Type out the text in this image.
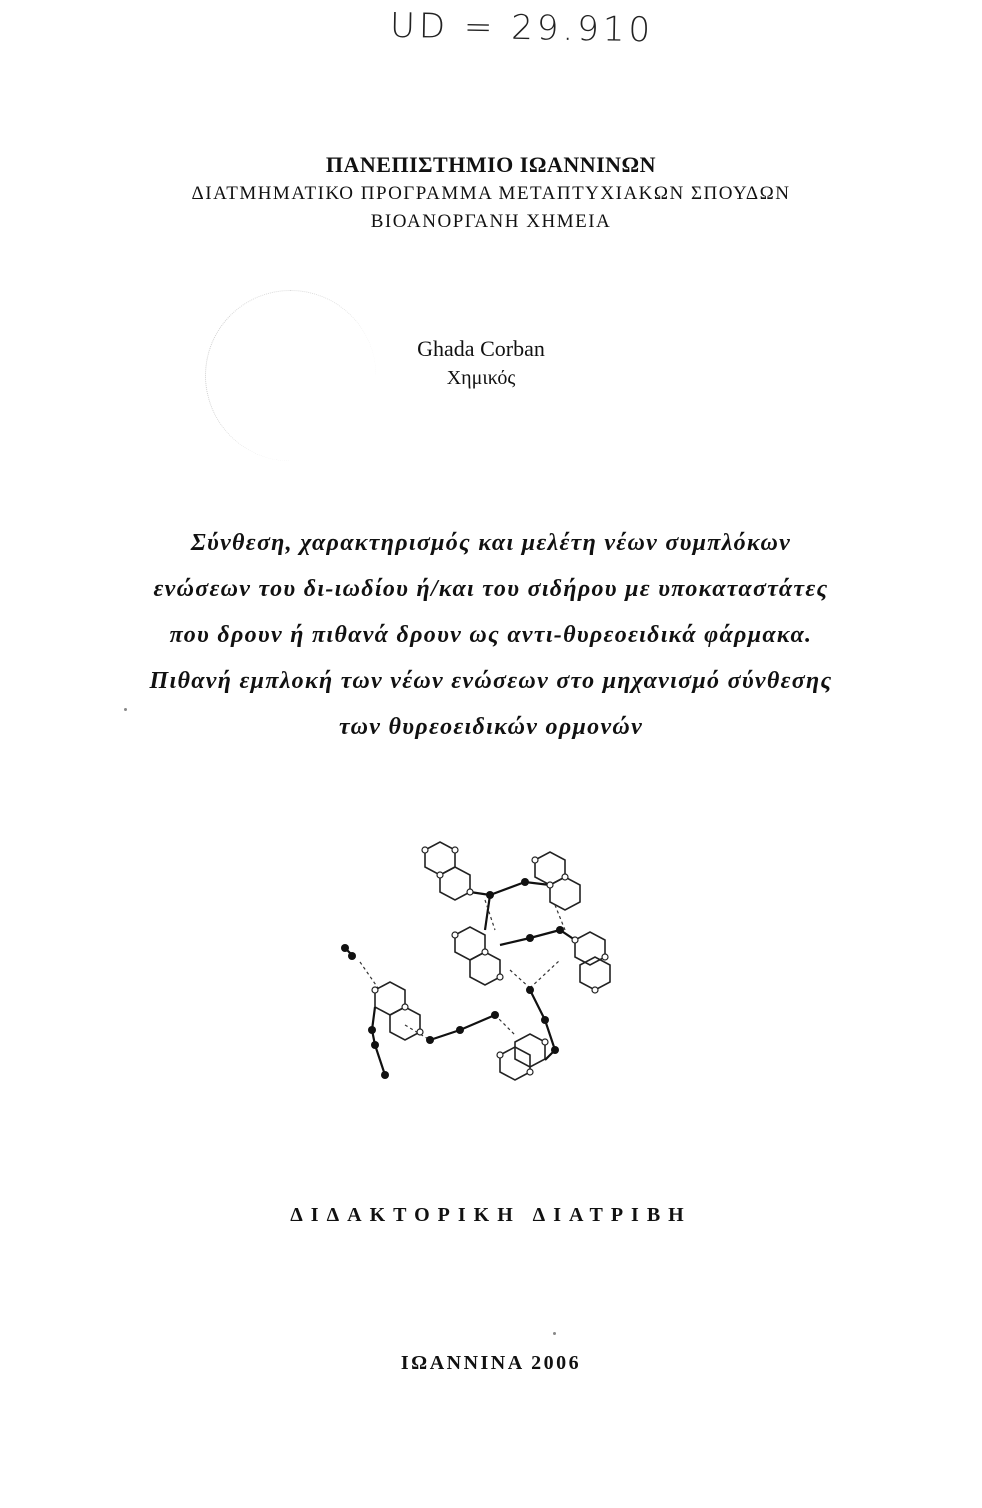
UD = 29.910
ΠΑΝΕΠΙΣΤΗΜΙΟ ΙΩΑΝΝΙΝΩΝ
ΔΙΑΤΜΗΜΑΤΙΚΟ ΠΡΟΓΡΑΜΜΑ ΜΕΤΑΠΤΥΧΙΑΚΩΝ ΣΠΟΥΔΩΝ
ΒΙΟΑΝΟΡΓΑΝΗ ΧΗΜΕΙΑ
Ghada Corban
Χημικός
Σύνθεση, χαρακτηρισμός και μελέτη νέων συμπλόκων
ενώσεων του δι-ιωδίου ή/και του σιδήρου με υποκαταστάτες
που δρουν ή πιθανά δρουν ως αντι-θυρεοειδικά φάρμακα.
Πιθανή εμπλοκή των νέων ενώσεων στο μηχανισμό σύνθεσης
των θυρεοειδικών ορμονών
ΔΙΔΑΚΤΟΡΙΚΗ ΔΙΑΤΡΙΒΗ
ΙΩΑΝΝΙΝΑ 2006
